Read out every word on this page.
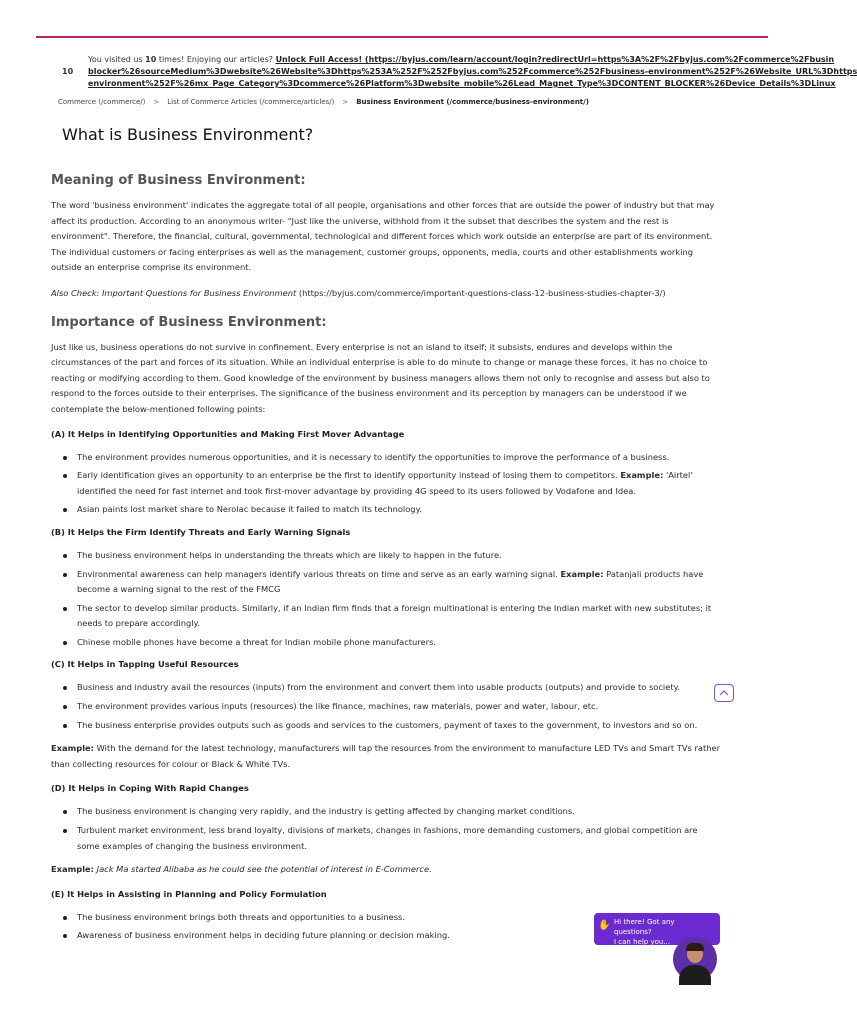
10
You visited us 10 times! Enjoying our articles? Unlock Full Access! (https://byjus.com/learn/account/login?redirectUrl=https%3A%2F%2Fbyjus.com%2Fcommerce%2Fbusin
blocker%26sourceMedium%3Dwebsite%26Website%3Dhttps%253A%252F%252Fbyjus.com%252Fcommerce%252Fbusiness-environment%252F%26Website_URL%3Dhttps
environment%252F%26mx_Page_Category%3Dcommerce%26Platform%3Dwebsite_mobile%26Lead_Magnet_Type%3DCONTENT_BLOCKER%26Device_Details%3DLinux
Commerce (/commerce/) > List of Commerce Articles (/commerce/articles/) > Business Environment (/commerce/business-environment/)
What is Business Environment?
Meaning of Business Environment:

The word 'business environment' indicates the aggregate total of all people, organisations and other forces that are outside the power of industry but that may affect its production. According to an anonymous writer- "Just like the universe, withhold from it the subset that describes the system and the rest is environment". Therefore, the financial, cultural, governmental, technological and different forces which work outside an enterprise are part of its environment. The individual customers or facing enterprises as well as the management, customer groups, opponents, media, courts and other establishments working outside an enterprise comprise its environment.

Also Check: Important Questions for Business Environment (https://byjus.com/commerce/important-questions-class-12-business-studies-chapter-3/)

Importance of Business Environment:

Just like us, business operations do not survive in confinement. Every enterprise is not an island to itself; it subsists, endures and develops within the circumstances of the part and forces of its situation. While an individual enterprise is able to do minute to change or manage these forces, it has no choice to reacting or modifying according to them. Good knowledge of the environment by business managers allows them not only to recognise and assess but also to respond to the forces outside to their enterprises. The significance of the business environment and its perception by managers can be understood if we contemplate the below-mentioned following points:

(A) It Helps in Identifying Opportunities and Making First Mover Advantage
The environment provides numerous opportunities, and it is necessary to identify the opportunities to improve the performance of a business.
Early identification gives an opportunity to an enterprise be the first to identify opportunity instead of losing them to competitors. Example: 'Airtel' identified the need for fast internet and took first-mover advantage by providing 4G speed to its users followed by Vodafone and Idea.
Asian paints lost market share to Nerolac because it failed to match its technology.
(B) It Helps the Firm Identify Threats and Early Warning Signals
The business environment helps in understanding the threats which are likely to happen in the future.
Environmental awareness can help managers identify various threats on time and serve as an early warning signal. Example: Patanjali products have become a warning signal to the rest of the FMCG
The sector to develop similar products. Similarly, if an Indian firm finds that a foreign multinational is entering the Indian market with new substitutes; it needs to prepare accordingly.
Chinese mobile phones have become a threat for Indian mobile phone manufacturers.
(C) It Helps in Tapping Useful Resources
Business and industry avail the resources (inputs) from the environment and convert them into usable products (outputs) and provide to society.
The environment provides various inputs (resources) the like finance, machines, raw materials, power and water, labour, etc.
The business enterprise provides outputs such as goods and services to the customers, payment of taxes to the government, to investors and so on.

Example: With the demand for the latest technology, manufacturers will tap the resources from the environment to manufacture LED TVs and Smart TVs rather than collecting resources for colour or Black & White TVs.

(D) It Helps in Coping With Rapid Changes
The business environment is changing very rapidly, and the industry is getting affected by changing market conditions.
Turbulent market environment, less brand loyalty, divisions of markets, changes in fashions, more demanding customers, and global competition are some examples of changing the business environment.

Example: Jack Ma started Alibaba as he could see the potential of interest in E-Commerce.

(E) It Helps in Assisting in Planning and Policy Formulation
The business environment brings both threats and opportunities to a business.
Awareness of business environment helps in deciding future planning or decision making.
✋ Hi there! Got any questions?
I can help you...
